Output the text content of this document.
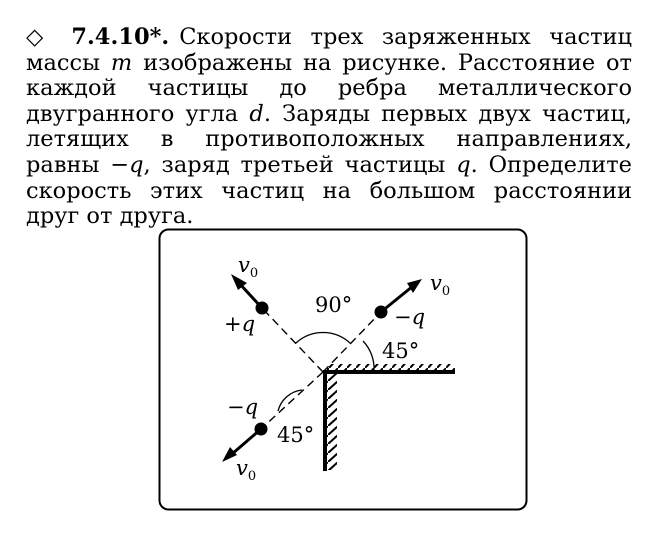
◇ 7.4.10*. Скорости трех заряженных частиц массы m изображены на рисунке. Расстояние от каждой частицы до ребра металлического двугранного угла d. Заряды первых двух частиц, летящих в противоположных направлениях, равны −q, заряд третьей частицы q. Определите скорость этих частиц на большом расстоянии друг от друга.
$v_0$	$v_0$
$v_0$
+q	−q
−q
90°
45°
45°
